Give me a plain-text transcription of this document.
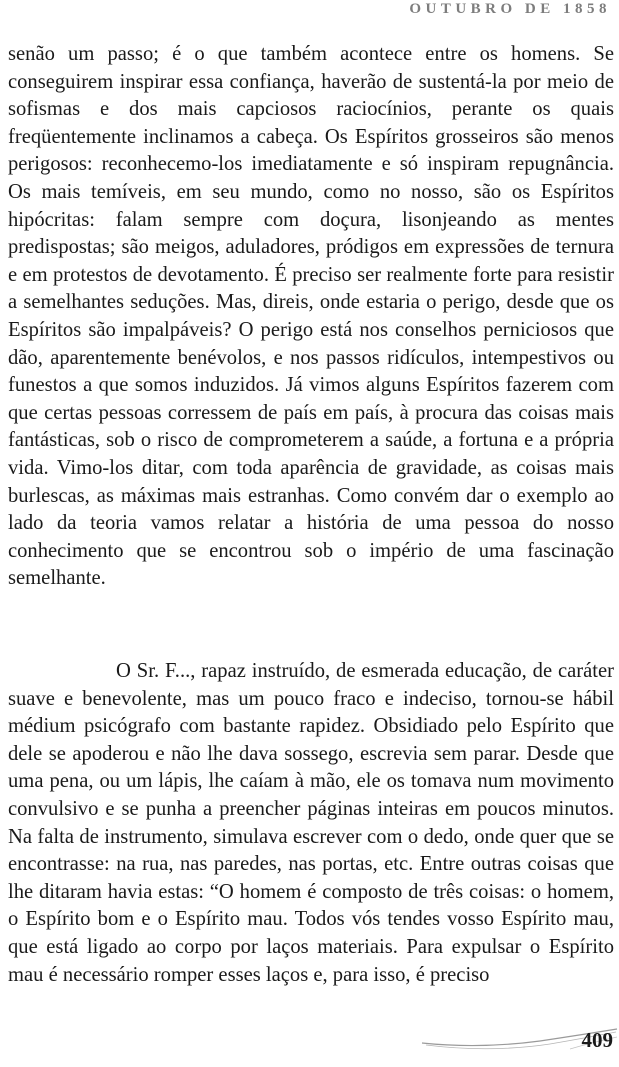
OUTUBRO DE 1858

senão um passo; é o que também acontece entre os homens. Se conseguirem inspirar essa confiança, haverão de sustentá-la por meio de sofismas e dos mais capciosos raciocínios, perante os quais freqüentemente inclinamos a cabeça. Os Espíritos grosseiros são menos perigosos: reconhecemo-los imediatamente e só inspiram repugnância. Os mais temíveis, em seu mundo, como no nosso, são os Espíritos hipócritas: falam sempre com doçura, lisonjeando as mentes predispostas; são meigos, aduladores, pródigos em expressões de ternura e em protestos de devotamento. É preciso ser realmente forte para resistir a semelhantes seduções. Mas, direis, onde estaria o perigo, desde que os Espíritos são impalpáveis? O perigo está nos conselhos perniciosos que dão, aparentemente benévolos, e nos passos ridículos, intempestivos ou funestos a que somos induzidos. Já vimos alguns Espíritos fazerem com que certas pessoas corressem de país em país, à procura das coisas mais fantásticas, sob o risco de comprometerem a saúde, a fortuna e a própria vida. Vimo-los ditar, com toda aparência de gravidade, as coisas mais burlescas, as máximas mais estranhas. Como convém dar o exemplo ao lado da teoria vamos relatar a história de uma pessoa do nosso conhecimento que se encontrou sob o império de uma fascinação semelhante.

O Sr. F..., rapaz instruído, de esmerada educação, de caráter suave e benevolente, mas um pouco fraco e indeciso, tornou-se hábil médium psicógrafo com bastante rapidez. Obsidiado pelo Espírito que dele se apoderou e não lhe dava sossego, escrevia sem parar. Desde que uma pena, ou um lápis, lhe caíam à mão, ele os tomava num movimento convulsivo e se punha a preencher páginas inteiras em poucos minutos. Na falta de instrumento, simulava escrever com o dedo, onde quer que se encontrasse: na rua, nas paredes, nas portas, etc. Entre outras coisas que lhe ditaram havia estas: “O homem é composto de três coisas: o homem, o Espírito bom e o Espírito mau. Todos vós tendes vosso Espírito mau, que está ligado ao corpo por laços materiais. Para expulsar o Espírito mau é necessário romper esses laços e, para isso, é preciso

409
